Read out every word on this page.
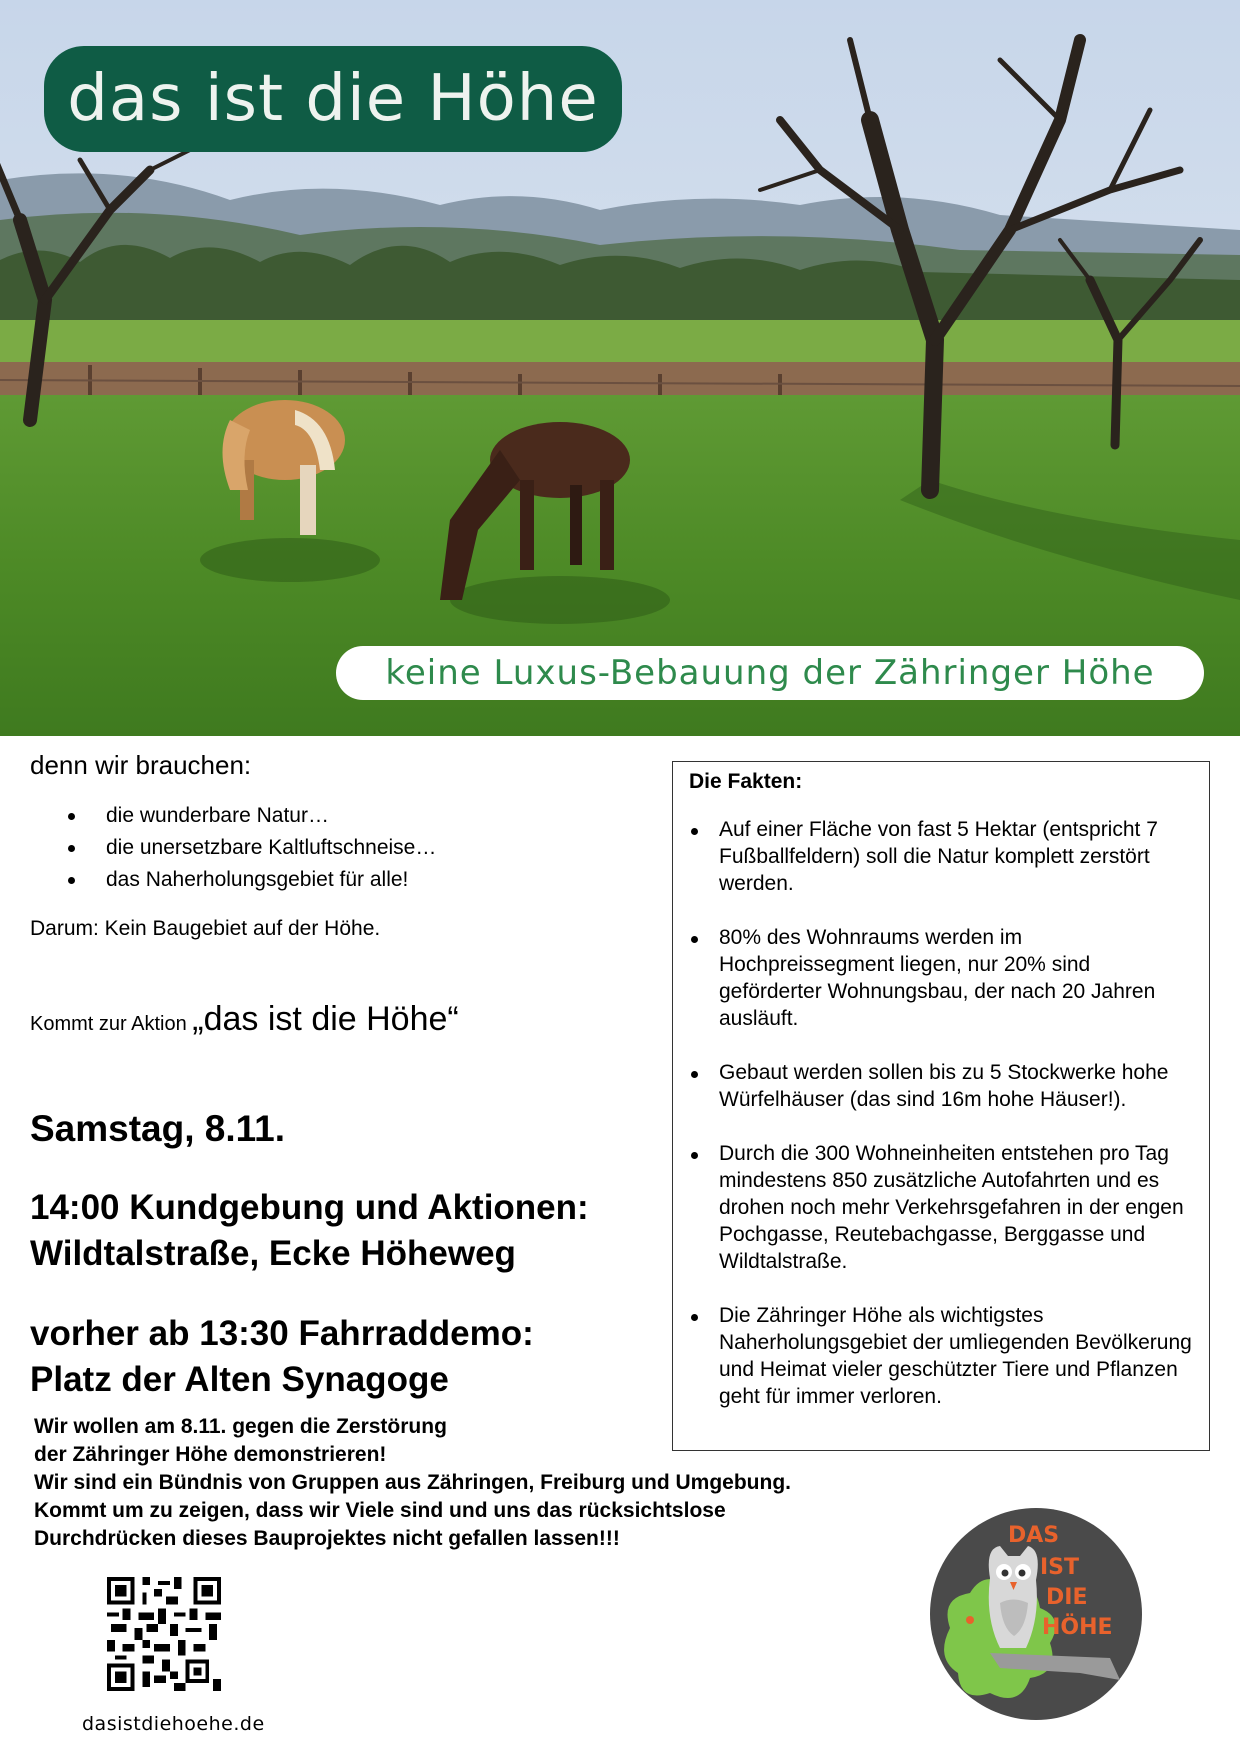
das ist die Höhe
keine Luxus-Bebauung der Zähringer Höhe
denn wir brauchen:
die wunderbare Natur…
die unersetzbare Kaltluftschneise…
das Naherholungsgebiet für alle!
Darum: Kein Baugebiet auf der Höhe.
Kommt zur Aktion „das ist die Höhe“
Samstag, 8.11.
14:00 Kundgebung und Aktionen:
Wildtalstraße, Ecke Höheweg
vorher ab 13:30 Fahrraddemo:
Platz der Alten Synagoge
Wir wollen am 8.11. gegen die Zerstörung
der Zähringer Höhe demonstrieren!
Wir sind ein Bündnis von Gruppen aus Zähringen, Freiburg und Umgebung.
Kommt um zu zeigen, dass wir Viele sind und uns das rücksichtslose
Durchdrücken dieses Bauprojektes nicht gefallen lassen!!!
dasistdiehoehe.de
Die Fakten:
Auf einer Fläche von fast 5 Hektar (entspricht 7 Fußballfeldern) soll die Natur komplett zerstört werden.
80% des Wohnraums werden im Hochpreissegment liegen, nur 20% sind geförderter Wohnungsbau, der nach 20 Jahren ausläuft.
Gebaut werden sollen bis zu 5 Stockwerke hohe Würfelhäuser (das sind 16m hohe Häuser!).
Durch die 300 Wohneinheiten entstehen pro Tag mindestens 850 zusätzliche Autofahrten und es drohen noch mehr Verkehrsgefahren in der engen Pochgasse, Reutebachgasse, Berggasse und Wildtalstraße.
Die Zähringer Höhe als wichtigstes Naherholungsgebiet der umliegenden Bevölkerung und Heimat vieler geschützter Tiere und Pflanzen geht für immer verloren.
DAS
IST
DIE
HÖHE
